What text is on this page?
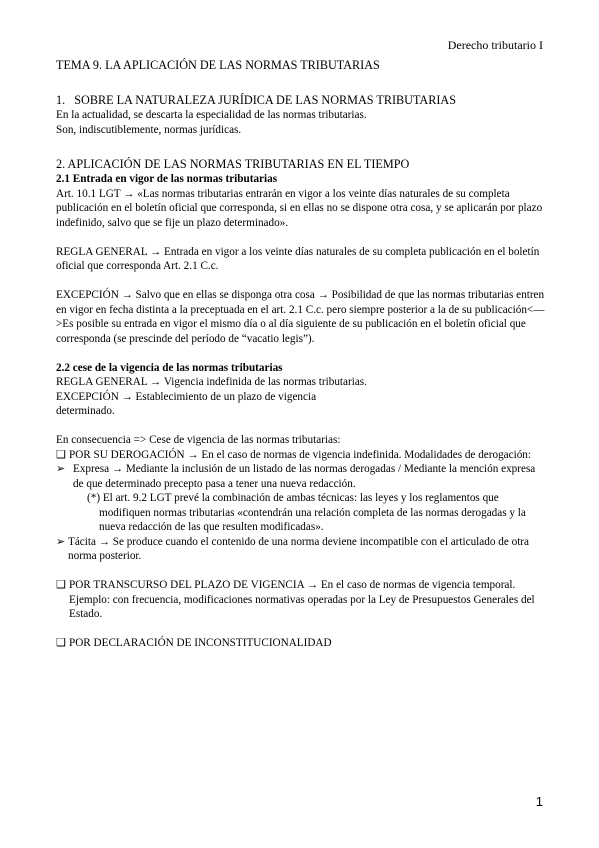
Derecho tributario I
TEMA 9. LA APLICACIÓN DE LAS NORMAS TRIBUTARIAS
1.   SOBRE LA NATURALEZA JURÍDICA DE LAS NORMAS TRIBUTARIAS
En la actualidad, se descarta la especialidad de las normas tributarias.
Son, indiscutiblemente, normas jurídicas.
2. APLICACIÓN DE LAS NORMAS TRIBUTARIAS EN EL TIEMPO
2.1 Entrada en vigor de las normas tributarias
Art. 10.1 LGT → «Las normas tributarias entrarán en vigor a los veinte días naturales de su completa publicación en el boletín oficial que corresponda, si en ellas no se dispone otra cosa, y se aplicarán por plazo indefinido, salvo que se fije un plazo determinado».
REGLA GENERAL → Entrada en vigor a los veinte días naturales de su completa publicación en el boletín oficial que corresponda Art. 2.1 C.c.
EXCEPCIÓN → Salvo que en ellas se disponga otra cosa → Posibilidad de que las normas tributarias entren en vigor en fecha distinta a la preceptuada en el art. 2.1 C.c. pero siempre posterior a la de su publicación<—>Es posible su entrada en vigor el mismo día o al día siguiente de su publicación en el boletín oficial que corresponda (se prescinde del período de “vacatio legis”).
2.2 cese de la vigencia de las normas tributarias
REGLA GENERAL → Vigencia indefinida de las normas tributarias.
EXCEPCIÓN → Establecimiento de un plazo de vigencia
determinado.
En consecuencia => Cese de vigencia de las normas tributarias:
❑ POR SU DEROGACIÓN → En el caso de normas de vigencia indefinida. Modalidades de derogación:
➢ Expresa → Mediante la inclusión de un listado de las normas derogadas / Mediante la mención expresa de que determinado precepto pasa a tener una nueva redacción.
(*) El art. 9.2 LGT prevé la combinación de ambas técnicas: las leyes y los reglamentos que modifiquen normas tributarias «contendrán una relación completa de las normas derogadas y la nueva redacción de las que resulten modificadas».
➢ Tácita → Se produce cuando el contenido de una norma deviene incompatible con el articulado de otra norma posterior.
❑ POR TRANSCURSO DEL PLAZO DE VIGENCIA → En el caso de normas de vigencia temporal. Ejemplo: con frecuencia, modificaciones normativas operadas por la Ley de Presupuestos Generales del Estado.
❑ POR DECLARACIÓN DE INCONSTITUCIONALIDAD
1
